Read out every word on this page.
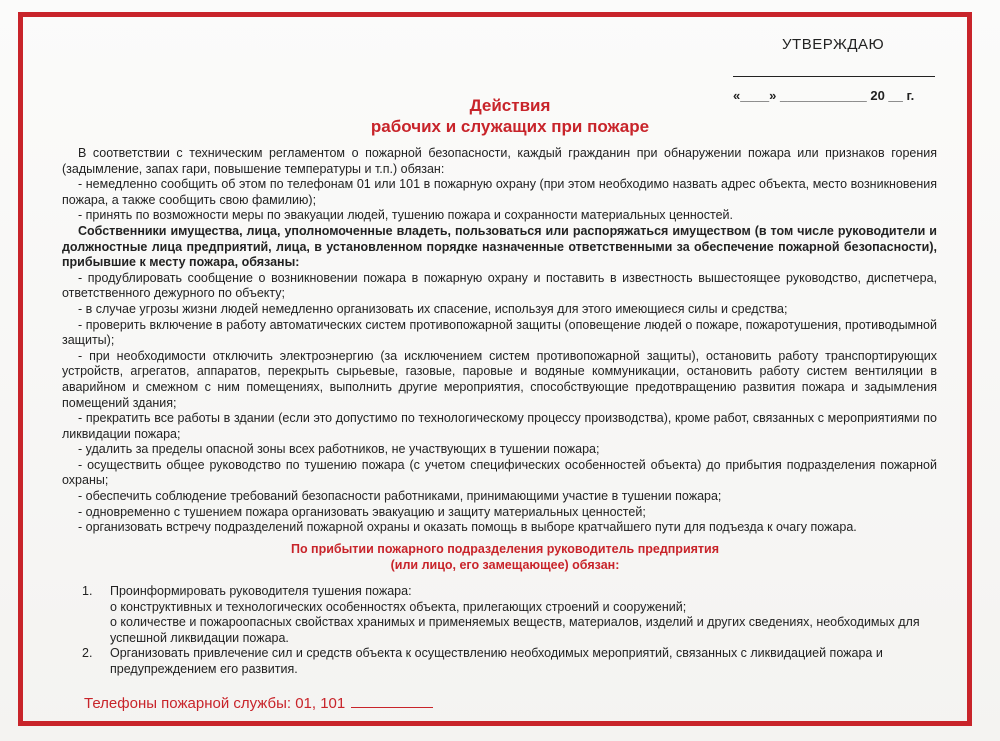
УТВЕРЖДАЮ
«____» ____________ 20 __ г.
Действия
рабочих и служащих при пожаре

В соответствии с техническим регламентом о пожарной безопасности, каждый гражданин при обнаружении пожара или признаков горения (задымление, запах гари, повышение температуры и т.п.) обязан:

- немедленно сообщить об этом по телефонам 01 или 101 в пожарную охрану (при этом необходимо назвать адрес объекта, место возникновения пожара, а также сообщить свою фамилию);

- принять по возможности меры по эвакуации людей, тушению пожара и сохранности материальных ценностей.

Собственники имущества, лица, уполномоченные владеть, пользоваться или распоряжаться имуществом (в том числе руководители и должностные лица предприятий, лица, в установленном порядке назначенные ответственными за обеспечение пожарной безопасности), прибывшие к месту пожара, обязаны:

- продублировать сообщение о возникновении пожара в пожарную охрану и поставить в известность вышестоящее руководство, диспетчера, ответственного дежурного по объекту;

- в случае угрозы жизни людей немедленно организовать их спасение, используя для этого имеющиеся силы и средства;

- проверить включение в работу автоматических систем противопожарной защиты (оповещение людей о пожаре, пожаротушения, противодымной защиты);

- при необходимости отключить электроэнергию (за исключением систем противопожарной защиты), остановить работу транспортирующих устройств, агрегатов, аппаратов, перекрыть сырьевые, газовые, паровые и водяные коммуникации, остановить работу систем вентиляции в аварийном и смежном с ним помещениях, выполнить другие мероприятия, способствующие предотвращению развития пожара и задымления помещений здания;

- прекратить все работы в здании (если это допустимо по технологическому процессу производства), кроме работ, связанных с мероприятиями по ликвидации пожара;

- удалить за пределы опасной зоны всех работников, не участвующих в тушении пожара;

- осуществить общее руководство по тушению пожара (с учетом специфических особенностей объекта) до прибытия подразделения пожарной охраны;

- обеспечить соблюдение требований безопасности работниками, принимающими участие в тушении пожара;

- одновременно с тушением пожара организовать эвакуацию и защиту материальных ценностей;

- организовать встречу подразделений пожарной охраны и оказать помощь в выборе кратчайшего пути для подъезда к очагу пожара.

По прибытии пожарного подразделения руководитель предприятия
(или лицо, его замещающее) обязан:
1.	Проинформировать руководителя тушения пожара:
о конструктивных и технологических особенностях объекта, прилегающих строений и сооружений;
о количестве и пожароопасных свойствах хранимых и применяемых веществ, материалов, изделий и других сведениях, необходимых для успешной ликвидации пожара.
2.	Организовать привлечение сил и средств объекта к осуществлению необходимых мероприятий, связанных с ликвидацией пожара и предупреждением его развития.
Телефоны пожарной службы: 01, 101
